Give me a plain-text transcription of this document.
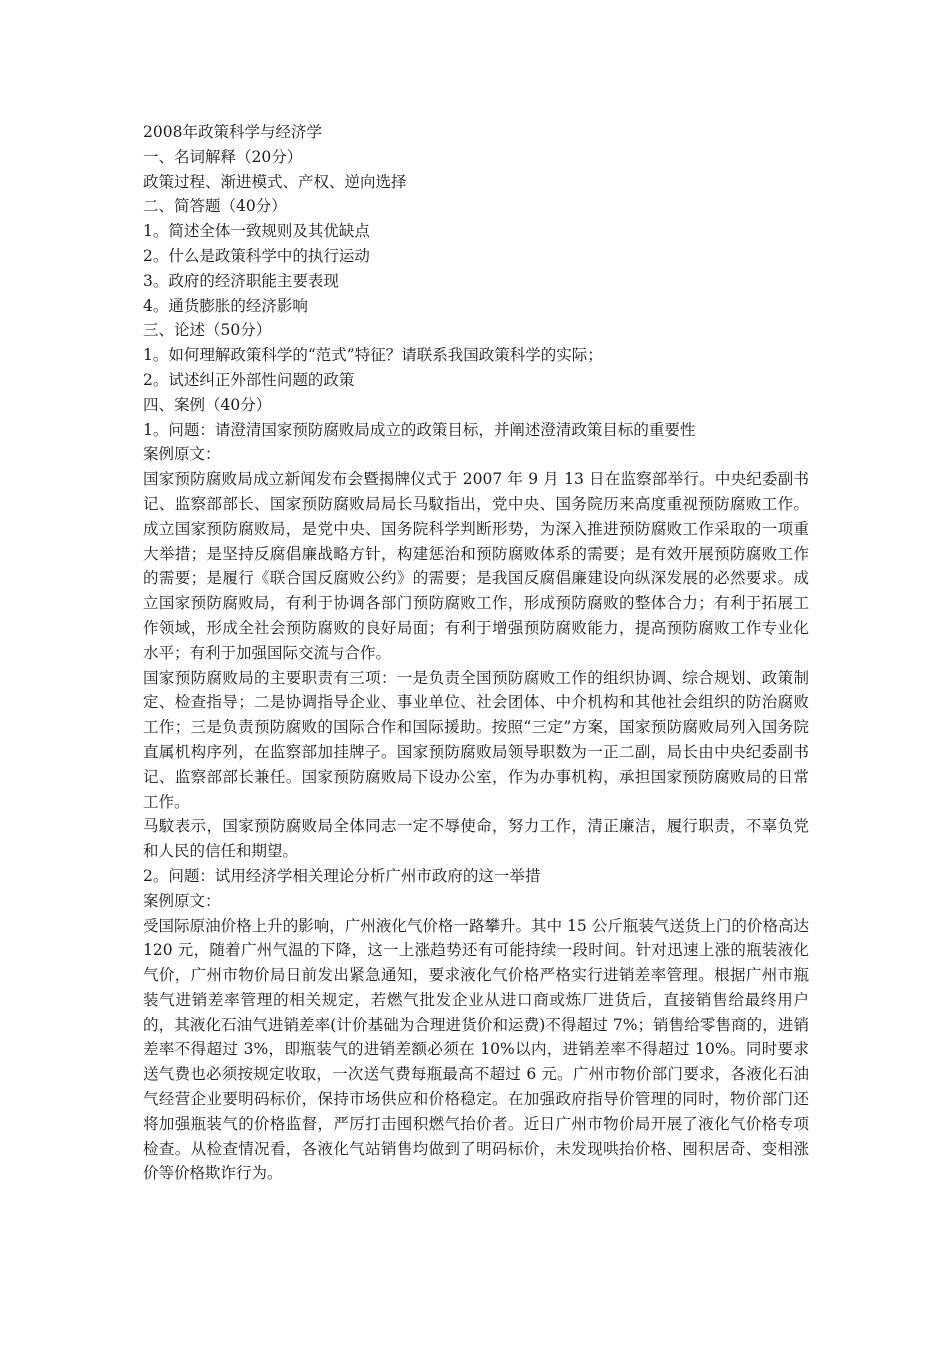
2008年政策科学与经济学

一、名词解释（20分）

政策过程、渐进模式、产权、逆向选择

二、简答题（40分）

1。简述全体一致规则及其优缺点

2。什么是政策科学中的执行运动

3。政府的经济职能主要表现

4。通货膨胀的经济影响

三、论述（50分）

1。如何理解政策科学的“范式”特征？请联系我国政策科学的实际；

2。试述纠正外部性问题的政策

四、案例（40分）

1。问题：请澄清国家预防腐败局成立的政策目标，并阐述澄清政策目标的重要性

案例原文：

国家预防腐败局成立新闻发布会暨揭牌仪式于 2007 年 9 月 13 日在监察部举行。中央纪委副书记、监察部部长、国家预防腐败局局长马馼指出，党中央、国务院历来高度重视预防腐败工作。成立国家预防腐败局，是党中央、国务院科学判断形势，为深入推进预防腐败工作采取的一项重大举措；是坚持反腐倡廉战略方针，构建惩治和预防腐败体系的需要；是有效开展预防腐败工作的需要；是履行《联合国反腐败公约》的需要；是我国反腐倡廉建设向纵深发展的必然要求。成立国家预防腐败局，有利于协调各部门预防腐败工作，形成预防腐败的整体合力；有利于拓展工作领域，形成全社会预防腐败的良好局面；有利于增强预防腐败能力，提高预防腐败工作专业化水平；有利于加强国际交流与合作。

国家预防腐败局的主要职责有三项：一是负责全国预防腐败工作的组织协调、综合规划、政策制定、检查指导；二是协调指导企业、事业单位、社会团体、中介机构和其他社会组织的防治腐败工作；三是负责预防腐败的国际合作和国际援助。按照“三定”方案，国家预防腐败局列入国务院直属机构序列，在监察部加挂牌子。国家预防腐败局领导职数为一正二副，局长由中央纪委副书记、监察部部长兼任。国家预防腐败局下设办公室，作为办事机构，承担国家预防腐败局的日常工作。

马馼表示，国家预防腐败局全体同志一定不辱使命，努力工作，清正廉洁，履行职责，不辜负党和人民的信任和期望。

2。问题：试用经济学相关理论分析广州市政府的这一举措

案例原文：

受国际原油价格上升的影响，广州液化气价格一路攀升。其中 15 公斤瓶装气送货上门的价格高达 120 元，随着广州气温的下降，这一上涨趋势还有可能持续一段时间。针对迅速上涨的瓶装液化气价，广州市物价局日前发出紧急通知，要求液化气价格严格实行进销差率管理。根据广州市瓶装气进销差率管理的相关规定，若燃气批发企业从进口商或炼厂进货后，直接销售给最终用户的，其液化石油气进销差率(计价基础为合理进货价和运费)不得超过 7%；销售给零售商的，进销差率不得超过 3%，即瓶装气的进销差额必须在 10%以内，进销差率不得超过 10%。同时要求送气费也必须按规定收取，一次送气费每瓶最高不超过 6 元。广州市物价部门要求，各液化石油气经营企业要明码标价，保持市场供应和价格稳定。在加强政府指导价管理的同时，物价部门还将加强瓶装气的价格监督，严厉打击囤积燃气抬价者。近日广州市物价局开展了液化气价格专项检查。从检查情况看，各液化气站销售均做到了明码标价，未发现哄抬价格、囤积居奇、变相涨价等价格欺诈行为。
